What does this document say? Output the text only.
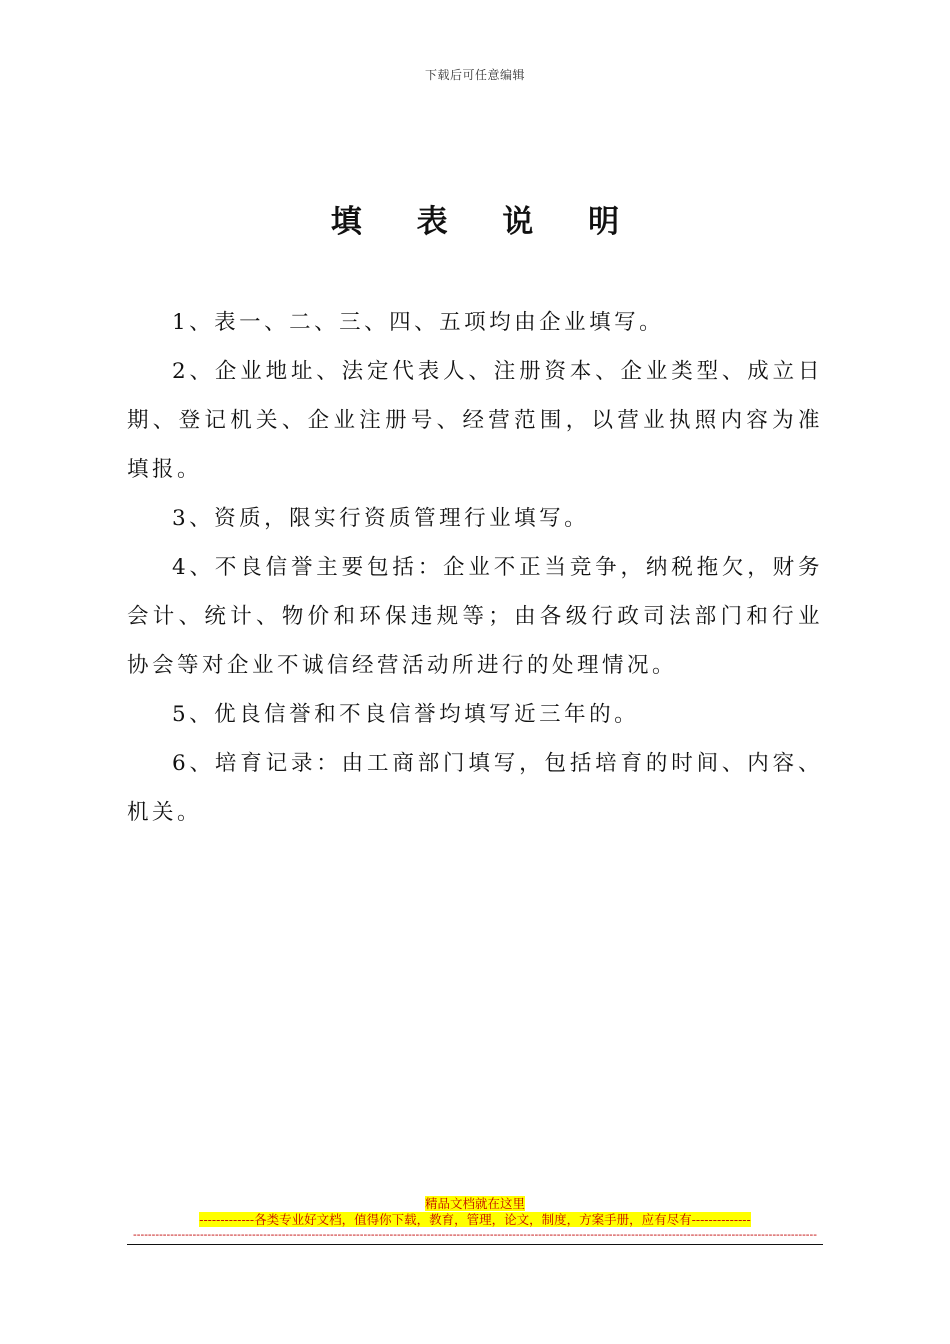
下载后可任意编辑
填 表 说 明

1、表一、二、三、四、五项均由企业填写。

2、企业地址、法定代表人、注册资本、企业类型、成立日期、登记机关、企业注册号、经营范围，以营业执照内容为准填报。

3、资质，限实行资质管理行业填写。

4、不良信誉主要包括：企业不正当竞争，纳税拖欠，财务会计、统计、物价和环保违规等；由各级行政司法部门和行业协会等对企业不诚信经营活动所进行的处理情况。

5、优良信誉和不良信誉均填写近三年的。

6、培育记录：由工商部门填写，包括培育的时间、内容、机关。

精品文档就在这里
-------------各类专业好文档，值得你下载，教育，管理，论文，制度，方案手册，应有尽有--------------
----------------------------------------------------------------------------------------------------------------------------------------------------------------------------------------
